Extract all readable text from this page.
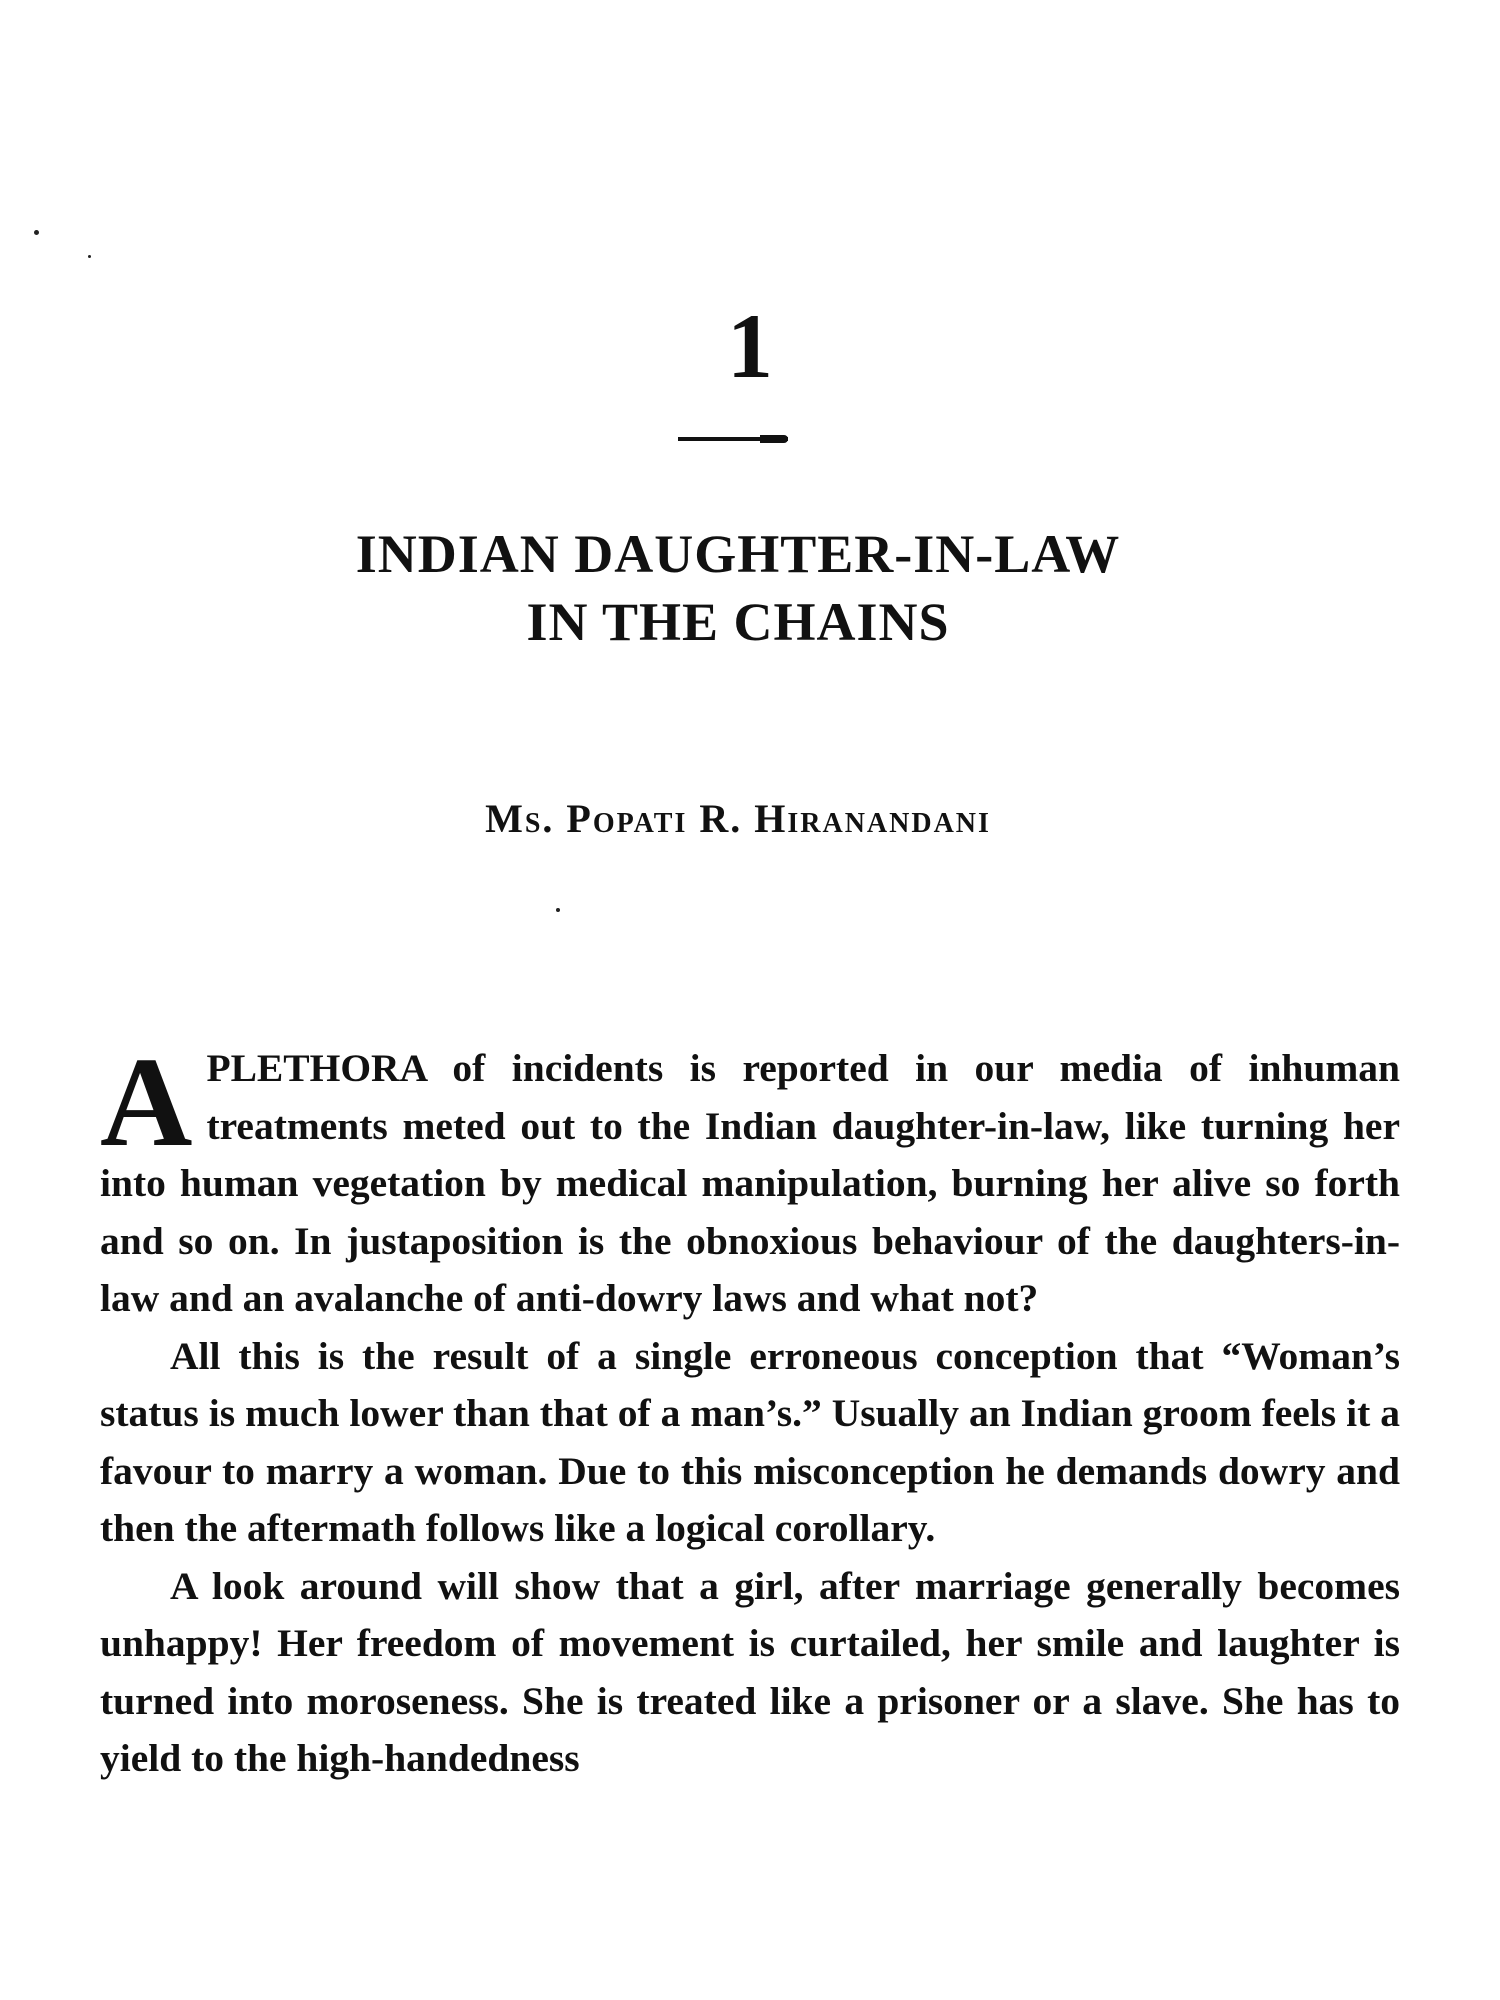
1
INDIAN DAUGHTER-IN-LAW
IN THE CHAINS

Ms. Popati R. Hiranandani

APLETHORA of incidents is reported in our media of inhuman treatments meted out to the Indian daughter-in-law, like turning her into human vegetation by medical manipulation, burning her alive so forth and so on. In justaposition is the obnoxious behaviour of the daughters-in-law and an avalanche of anti-dowry laws and what not?

All this is the result of a single erroneous conception that “Woman’s status is much lower than that of a man’s.” Usually an Indian groom feels it a favour to marry a woman. Due to this misconception he demands dowry and then the aftermath follows like a logical corollary.

A look around will show that a girl, after marriage generally becomes unhappy! Her freedom of movement is curtailed, her smile and laughter is turned into moroseness. She is treated like a prisoner or a slave. She has to yield to the high-handedness
